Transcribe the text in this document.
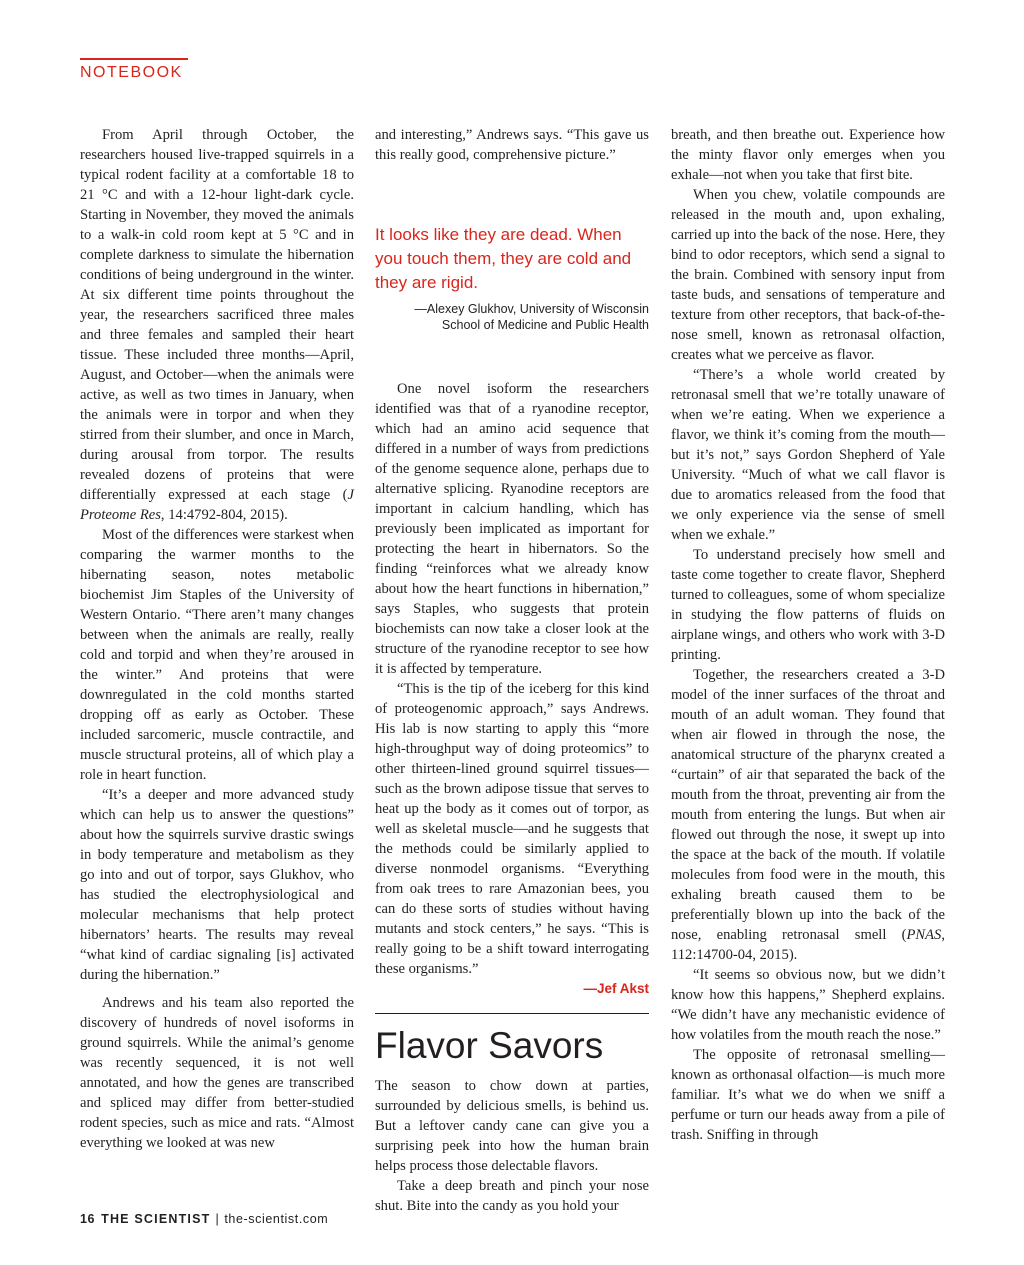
NOTEBOOK

From April through October, the researchers housed live-trapped squirrels in a typical rodent facility at a comfortable 18 to 21 °C and with a 12-hour light-dark cycle. Starting in November, they moved the animals to a walk-in cold room kept at 5 °C and in complete darkness to simulate the hibernation conditions of being underground in the winter. At six different time points throughout the year, the researchers sacrificed three males and three females and sampled their heart tissue. These included three months—April, August, and October—when the animals were active, as well as two times in January, when the animals were in torpor and when they stirred from their slumber, and once in March, during arousal from torpor. The results revealed dozens of proteins that were differentially expressed at each stage (J Proteome Res, 14:4792-804, 2015).

Most of the differences were starkest when comparing the warmer months to the hibernating season, notes metabolic biochemist Jim Staples of the University of Western Ontario. “There aren’t many changes between when the animals are really, really cold and torpid and when they’re aroused in the winter.” And proteins that were downregulated in the cold months started dropping off as early as October. These included sarcomeric, muscle contractile, and muscle structural proteins, all of which play a role in heart function.

“It’s a deeper and more advanced study which can help us to answer the questions” about how the squirrels survive drastic swings in body temperature and metabolism as they go into and out of torpor, says Glukhov, who has studied the electrophysiological and molecular mechanisms that help protect hibernators’ hearts. The results may reveal “what kind of cardiac signaling [is] activated during the hibernation.”

Andrews and his team also reported the discovery of hundreds of novel isoforms in ground squirrels. While the animal’s genome was recently sequenced, it is not well annotated, and how the genes are transcribed and spliced may differ from better-studied rodent species, such as mice and rats. “Almost everything we looked at was new

and interesting,” Andrews says. “This gave us this really good, comprehensive picture.”

It looks like they are dead. When you touch them, they are cold and they are rigid.
—Alexey Glukhov, University of Wisconsin
School of Medicine and Public Health

One novel isoform the researchers identified was that of a ryanodine receptor, which had an amino acid sequence that differed in a number of ways from predictions of the genome sequence alone, perhaps due to alternative splicing. Ryanodine receptors are important in calcium handling, which has previously been implicated as important for protecting the heart in hibernators. So the finding “reinforces what we already know about how the heart functions in hibernation,” says Staples, who suggests that protein biochemists can now take a closer look at the structure of the ryanodine receptor to see how it is affected by temperature.

“This is the tip of the iceberg for this kind of proteogenomic approach,” says Andrews. His lab is now starting to apply this “more high-throughput way of doing proteomics” to other thirteen-lined ground squirrel tissues—such as the brown adipose tissue that serves to heat up the body as it comes out of torpor, as well as skeletal muscle—and he suggests that the methods could be similarly applied to diverse nonmodel organisms. “Everything from oak trees to rare Amazonian bees, you can do these sorts of studies without having mutants and stock centers,” he says. “This is really going to be a shift toward interrogating these organisms.”

—Jef Akst
Flavor Savors

The season to chow down at parties, surrounded by delicious smells, is behind us. But a leftover candy cane can give you a surprising peek into how the human brain helps process those delectable flavors.

Take a deep breath and pinch your nose shut. Bite into the candy as you hold your

breath, and then breathe out. Experience how the minty flavor only emerges when you exhale—not when you take that first bite.

When you chew, volatile compounds are released in the mouth and, upon exhaling, carried up into the back of the nose. Here, they bind to odor receptors, which send a signal to the brain. Combined with sensory input from taste buds, and sensations of temperature and texture from other receptors, that back-of-the-nose smell, known as retronasal olfaction, creates what we perceive as flavor.

“There’s a whole world created by retronasal smell that we’re totally unaware of when we’re eating. When we experience a flavor, we think it’s coming from the mouth—but it’s not,” says Gordon Shepherd of Yale University. “Much of what we call flavor is due to aromatics released from the food that we only experience via the sense of smell when we exhale.”

To understand precisely how smell and taste come together to create flavor, Shepherd turned to colleagues, some of whom specialize in studying the flow patterns of fluids on airplane wings, and others who work with 3-D printing.

Together, the researchers created a 3-D model of the inner surfaces of the throat and mouth of an adult woman. They found that when air flowed in through the nose, the anatomical structure of the pharynx created a “curtain” of air that separated the back of the mouth from the throat, preventing air from the mouth from entering the lungs. But when air flowed out through the nose, it swept up into the space at the back of the mouth. If volatile molecules from food were in the mouth, this exhaling breath caused them to be preferentially blown up into the back of the nose, enabling retronasal smell (PNAS, 112:14700-04, 2015).

“It seems so obvious now, but we didn’t know how this happens,” Shepherd explains. “We didn’t have any mechanistic evidence of how volatiles from the mouth reach the nose.”

The opposite of retronasal smelling—known as orthonasal olfaction—is much more familiar. It’s what we do when we sniff a perfume or turn our heads away from a pile of trash. Sniffing in through

16 THE SCIENTIST | the-scientist.com
